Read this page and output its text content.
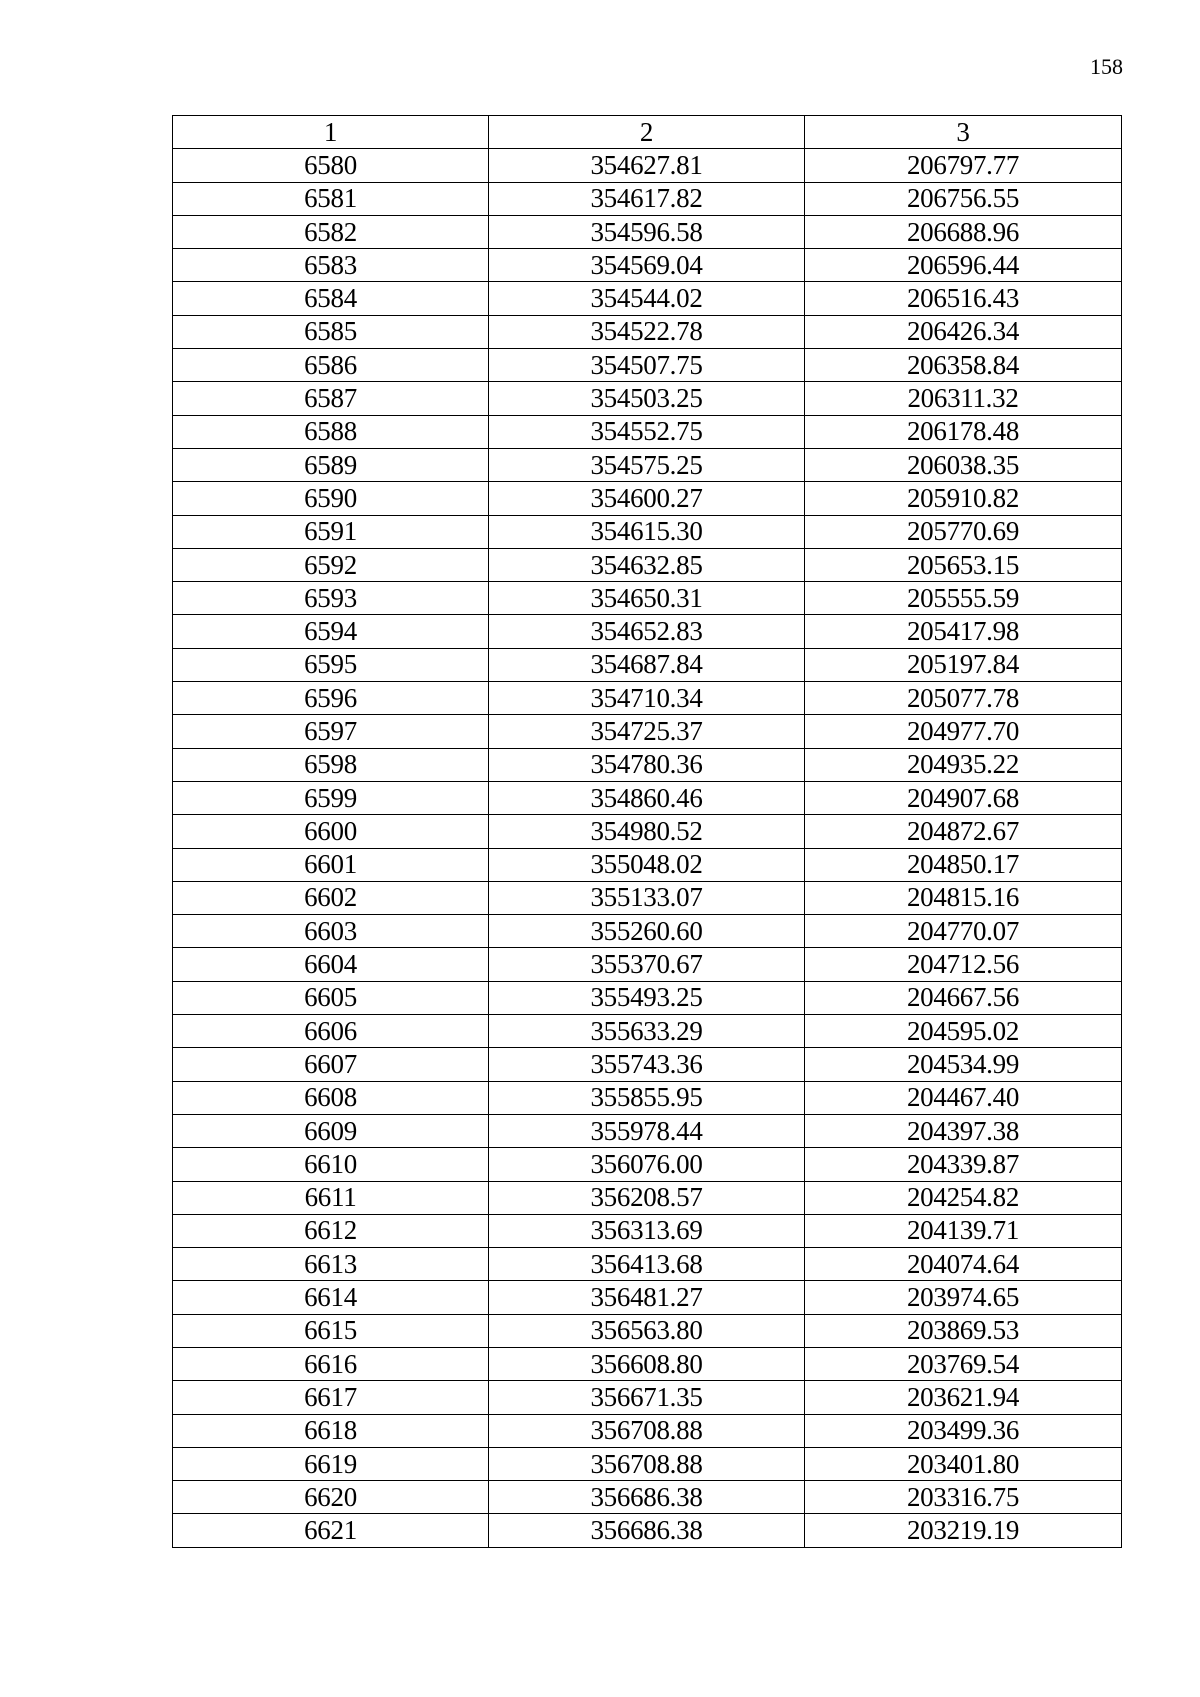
158
1	2	3
6580	354627.81	206797.77
6581	354617.82	206756.55
6582	354596.58	206688.96
6583	354569.04	206596.44
6584	354544.02	206516.43
6585	354522.78	206426.34
6586	354507.75	206358.84
6587	354503.25	206311.32
6588	354552.75	206178.48
6589	354575.25	206038.35
6590	354600.27	205910.82
6591	354615.30	205770.69
6592	354632.85	205653.15
6593	354650.31	205555.59
6594	354652.83	205417.98
6595	354687.84	205197.84
6596	354710.34	205077.78
6597	354725.37	204977.70
6598	354780.36	204935.22
6599	354860.46	204907.68
6600	354980.52	204872.67
6601	355048.02	204850.17
6602	355133.07	204815.16
6603	355260.60	204770.07
6604	355370.67	204712.56
6605	355493.25	204667.56
6606	355633.29	204595.02
6607	355743.36	204534.99
6608	355855.95	204467.40
6609	355978.44	204397.38
6610	356076.00	204339.87
6611	356208.57	204254.82
6612	356313.69	204139.71
6613	356413.68	204074.64
6614	356481.27	203974.65
6615	356563.80	203869.53
6616	356608.80	203769.54
6617	356671.35	203621.94
6618	356708.88	203499.36
6619	356708.88	203401.80
6620	356686.38	203316.75
6621	356686.38	203219.19
